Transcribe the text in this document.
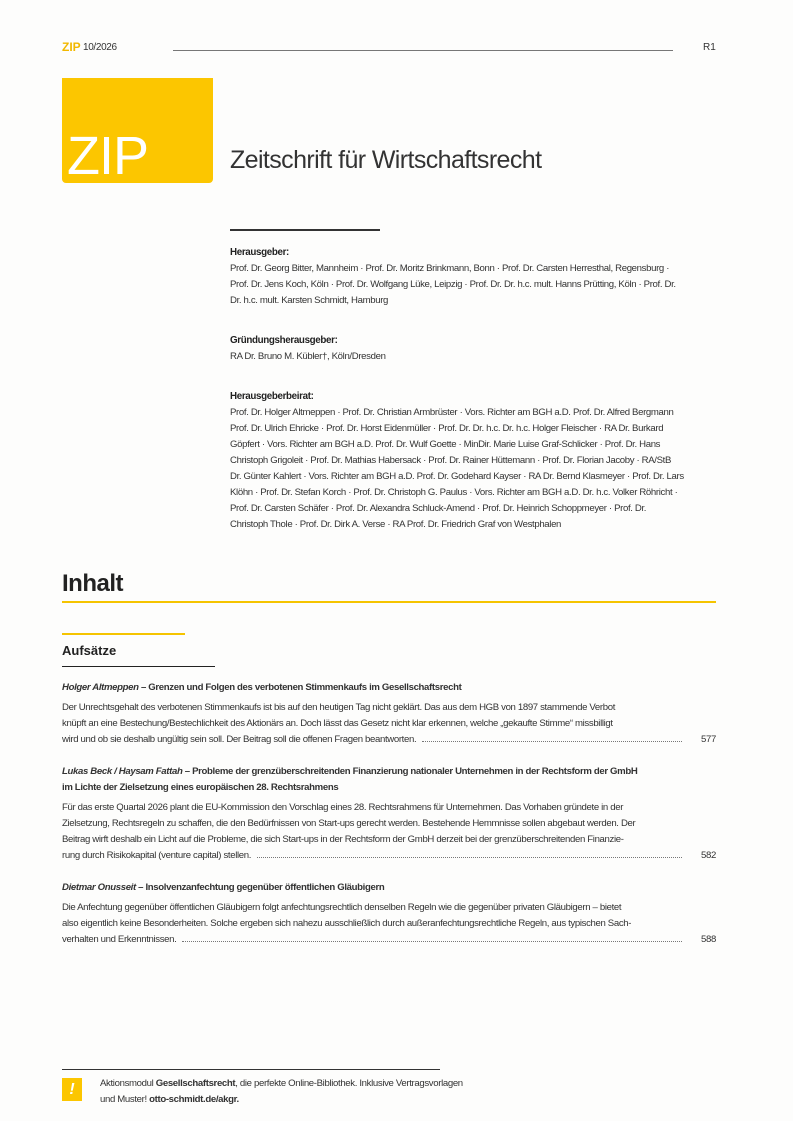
ZIP 10/2026	R1
ZIP	Zeitschrift für Wirtschaftsrecht
Herausgeber:
Prof. Dr. Georg Bitter, Mannheim · Prof. Dr. Moritz Brinkmann, Bonn · Prof. Dr. Carsten Herresthal, Regensburg ·
Prof. Dr. Jens Koch, Köln · Prof. Dr. Wolfgang Lüke, Leipzig · Prof. Dr. Dr. h.c. mult. Hanns Prütting, Köln · Prof. Dr.
Dr. h.c. mult. Karsten Schmidt, Hamburg
Gründungsherausgeber:
RA Dr. Bruno M. Kübler†, Köln/Dresden
Herausgeberbeirat:
Prof. Dr. Holger Altmeppen · Prof. Dr. Christian Armbrüster · Vors. Richter am BGH a.D. Prof. Dr. Alfred Bergmann
Prof. Dr. Ulrich Ehricke · Prof. Dr. Horst Eidenmüller · Prof. Dr. Dr. h.c. Dr. h.c. Holger Fleischer · RA Dr. Burkard
Göpfert · Vors. Richter am BGH a.D. Prof. Dr. Wulf Goette · MinDir. Marie Luise Graf-Schlicker · Prof. Dr. Hans
Christoph Grigoleit · Prof. Dr. Mathias Habersack · Prof. Dr. Rainer Hüttemann · Prof. Dr. Florian Jacoby · RA/StB
Dr. Günter Kahlert · Vors. Richter am BGH a.D. Prof. Dr. Godehard Kayser · RA Dr. Bernd Klasmeyer · Prof. Dr. Lars
Klöhn · Prof. Dr. Stefan Korch · Prof. Dr. Christoph G. Paulus · Vors. Richter am BGH a.D. Dr. h.c. Volker Röhricht ·
Prof. Dr. Carsten Schäfer · Prof. Dr. Alexandra Schluck-Amend · Prof. Dr. Heinrich Schoppmeyer · Prof. Dr.
Christoph Thole · Prof. Dr. Dirk A. Verse · RA Prof. Dr. Friedrich Graf von Westphalen
Inhalt
Aufsätze
Holger Altmeppen – Grenzen und Folgen des verbotenen Stimmenkaufs im Gesellschaftsrecht
Der Unrechtsgehalt des verbotenen Stimmenkaufs ist bis auf den heutigen Tag nicht geklärt. Das aus dem HGB von 1897 stammende Verbot
knüpft an eine Bestechung/Bestechlichkeit des Aktionärs an. Doch lässt das Gesetz nicht klar erkennen, welche „gekaufte Stimme“ missbilligt
wird und ob sie deshalb ungültig sein soll. Der Beitrag soll die offenen Fragen beantworten.	577
Lukas Beck / Haysam Fattah – Probleme der grenzüberschreitenden Finanzierung nationaler Unternehmen in der Rechtsform der GmbH
im Lichte der Zielsetzung eines europäischen 28. Rechtsrahmens
Für das erste Quartal 2026 plant die EU-Kommission den Vorschlag eines 28. Rechtsrahmens für Unternehmen. Das Vorhaben gründete in der
Zielsetzung, Rechtsregeln zu schaffen, die den Bedürfnissen von Start-ups gerecht werden. Bestehende Hemmnisse sollen abgebaut werden. Der
Beitrag wirft deshalb ein Licht auf die Probleme, die sich Start-ups in der Rechtsform der GmbH derzeit bei der grenzüberschreitenden Finanzie-
rung durch Risikokapital (venture capital) stellen.	582
Dietmar Onusseit – Insolvenzanfechtung gegenüber öffentlichen Gläubigern
Die Anfechtung gegenüber öffentlichen Gläubigern folgt anfechtungsrechtlich denselben Regeln wie die gegenüber privaten Gläubigern – bietet
also eigentlich keine Besonderheiten. Solche ergeben sich nahezu ausschließlich durch außeranfechtungsrechtliche Regeln, aus typischen Sach-
verhalten und Erkenntnissen.	588
!	Aktionsmodul Gesellschaftsrecht, die perfekte Online-Bibliothek. Inklusive Vertragsvorlagen
und Muster! otto-schmidt.de/akgr.
